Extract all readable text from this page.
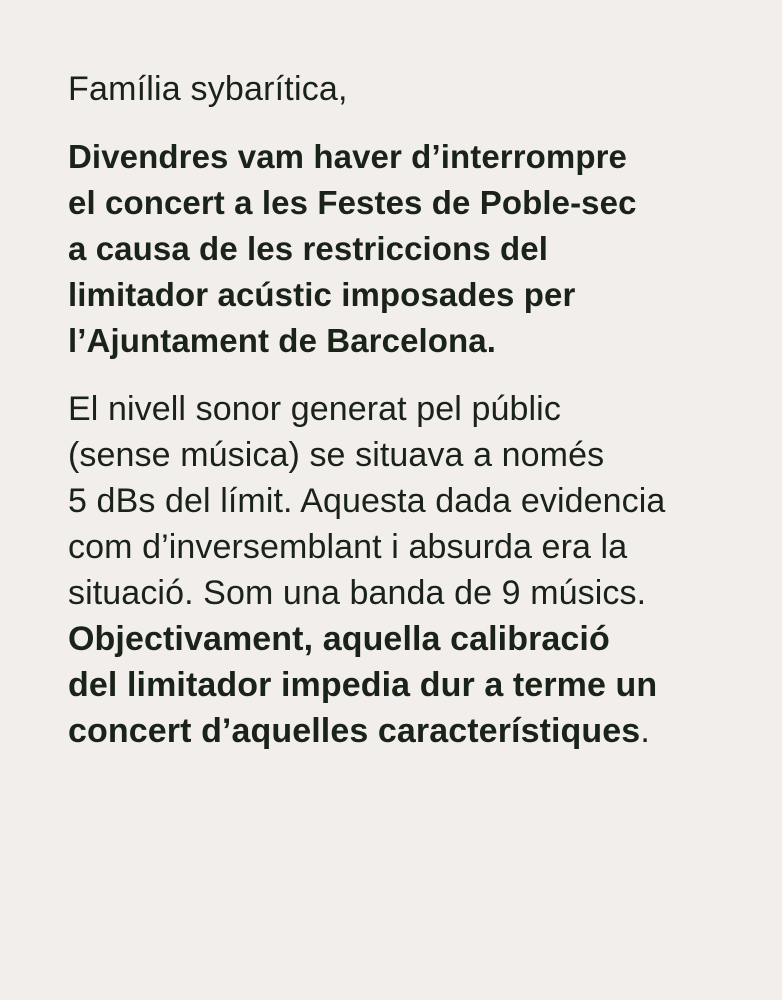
Família sybarítica,

Divendres vam haver d’interrompre
el concert a les Festes de Poble-sec
a causa de les restriccions del
limitador acústic imposades per
l’Ajuntament de Barcelona.

El nivell sonor generat pel públic
(sense música) se situava a només
5 dBs del límit. Aquesta dada evidencia
com d’inversemblant i absurda era la
situació. Som una banda de 9 músics.
Objectivament, aquella calibració
del limitador impedia dur a terme un
concert d’aquelles característiques.
